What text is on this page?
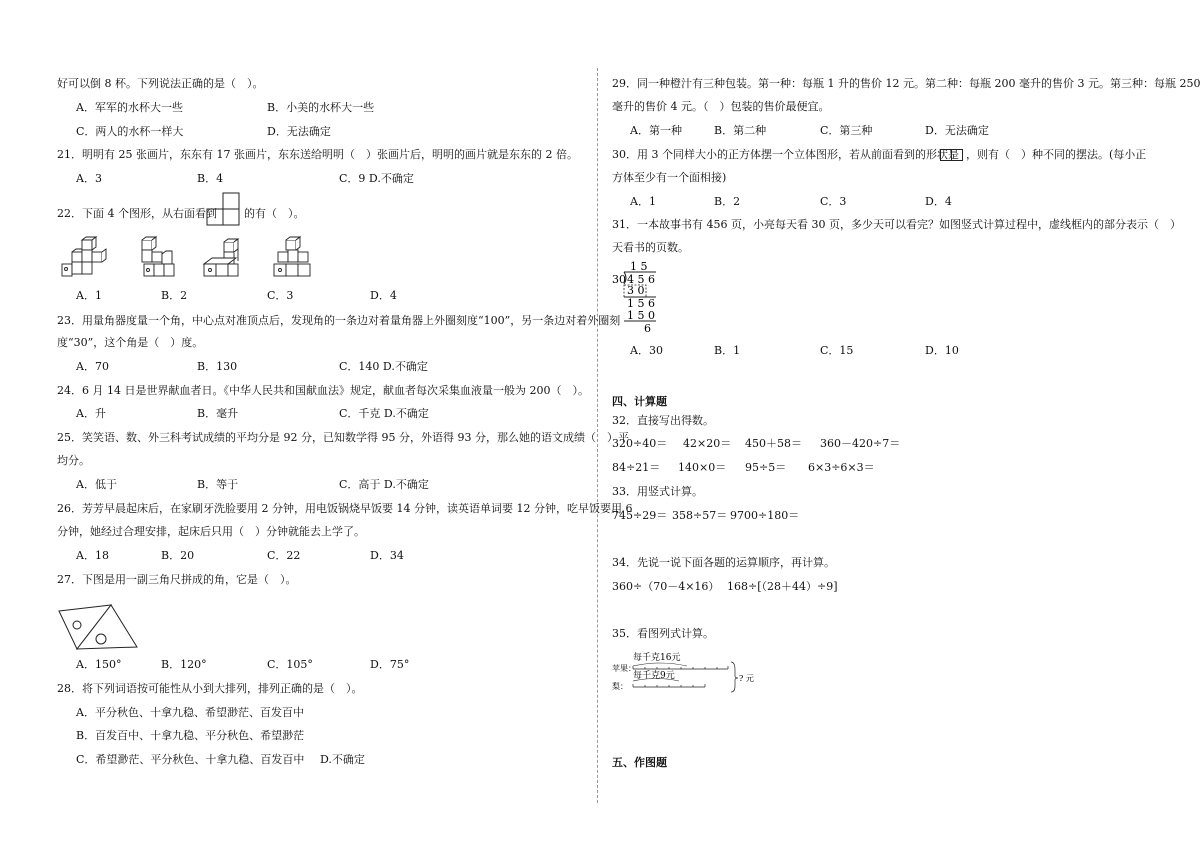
好可以倒 8 杯。下列说法正确的是（　）。
A．军军的水杯大一些	B．小美的水杯大一些
C．两人的水杯一样大	D．无法确定
21．明明有 25 张画片，东东有 17 张画片，东东送给明明（　）张画片后，明明的画片就是东东的 2 倍。
A．3	B．4	C．9 D.不确定
22．下面 4 个图形，从右面看到 的有（　）。
A．1	B．2	C．3	D．4
23．用量角器度量一个角，中心点对准顶点后，发现角的一条边对着量角器上外圈刻度“100”，另一条边对着外圈刻
度“30”，这个角是（　）度。
A．70	B．130	C．140 D.不确定
24．6 月 14 日是世界献血者日。《中华人民共和国献血法》规定，献血者每次采集血液量一般为 200（　）。
A．升	B．毫升	C．千克 D.不确定
25．笑笑语、数、外三科考试成绩的平均分是 92 分，已知数学得 95 分，外语得 93 分，那么她的语文成绩（　）平
均分。
A．低于	B．等于	C．高于 D.不确定
26．芳芳早晨起床后，在家刷牙洗脸要用 2 分钟，用电饭锅烧早饭要 14 分钟，读英语单词要 12 分钟，吃早饭要用 6
分钟，她经过合理安排，起床后只用（　）分钟就能去上学了。
A．18	B．20	C．22	D．34
27．下图是用一副三角尺拼成的角，它是（　）。
A．150°	B．120°	C．105°	D．75°
28．将下列词语按可能性从小到大排列，排列正确的是（　）。
A．平分秋色、十拿九稳、希望渺茫、百发百中
B．百发百中、十拿九稳、平分秋色、希望渺茫
C．希望渺茫、平分秋色、十拿九稳、百发百中 D.不确定
29．同一种橙汁有三种包装。第一种：每瓶 1 升的售价 12 元。第二种：每瓶 200 毫升的售价 3 元。第三种：每瓶 250
毫升的售价 4 元。（　）包装的售价最便宜。
A．第一种	B．第二种	C．第三种	D．无法确定
30．用 3 个同样大小的正方体摆一个立体图形，若从前面看到的形状是 ，则有（　）种不同的摆法。(每小正
方体至少有一个面相接)
A．1	B．2	C．3	D．4
31．一本故事书有 456 页，小亮每天看 30 页，多少天可以看完？如图竖式计算过程中，虚线框内的部分表示（　）
天看书的页数。
1 5
30 4 5 6
3 0
1 5 6
1 5 0
6
A．30	B．1	C．15	D．10
四、计算题
32．直接写出得数。
320÷40＝ 42×20＝ 450＋58＝ 360－420÷7＝
84÷21＝ 140×0＝ 95÷5＝ 6×3÷6×3＝
33．用竖式计算。
745÷29＝ 358÷57＝ 9700÷180＝
34．先说一说下面各题的运算顺序，再计算。
360÷（70－4×16） 168÷[（28＋44）÷9]
35．看图列式计算。
苹果：
每千克16元
梨：
每千克9元	? 元
五、作图题
